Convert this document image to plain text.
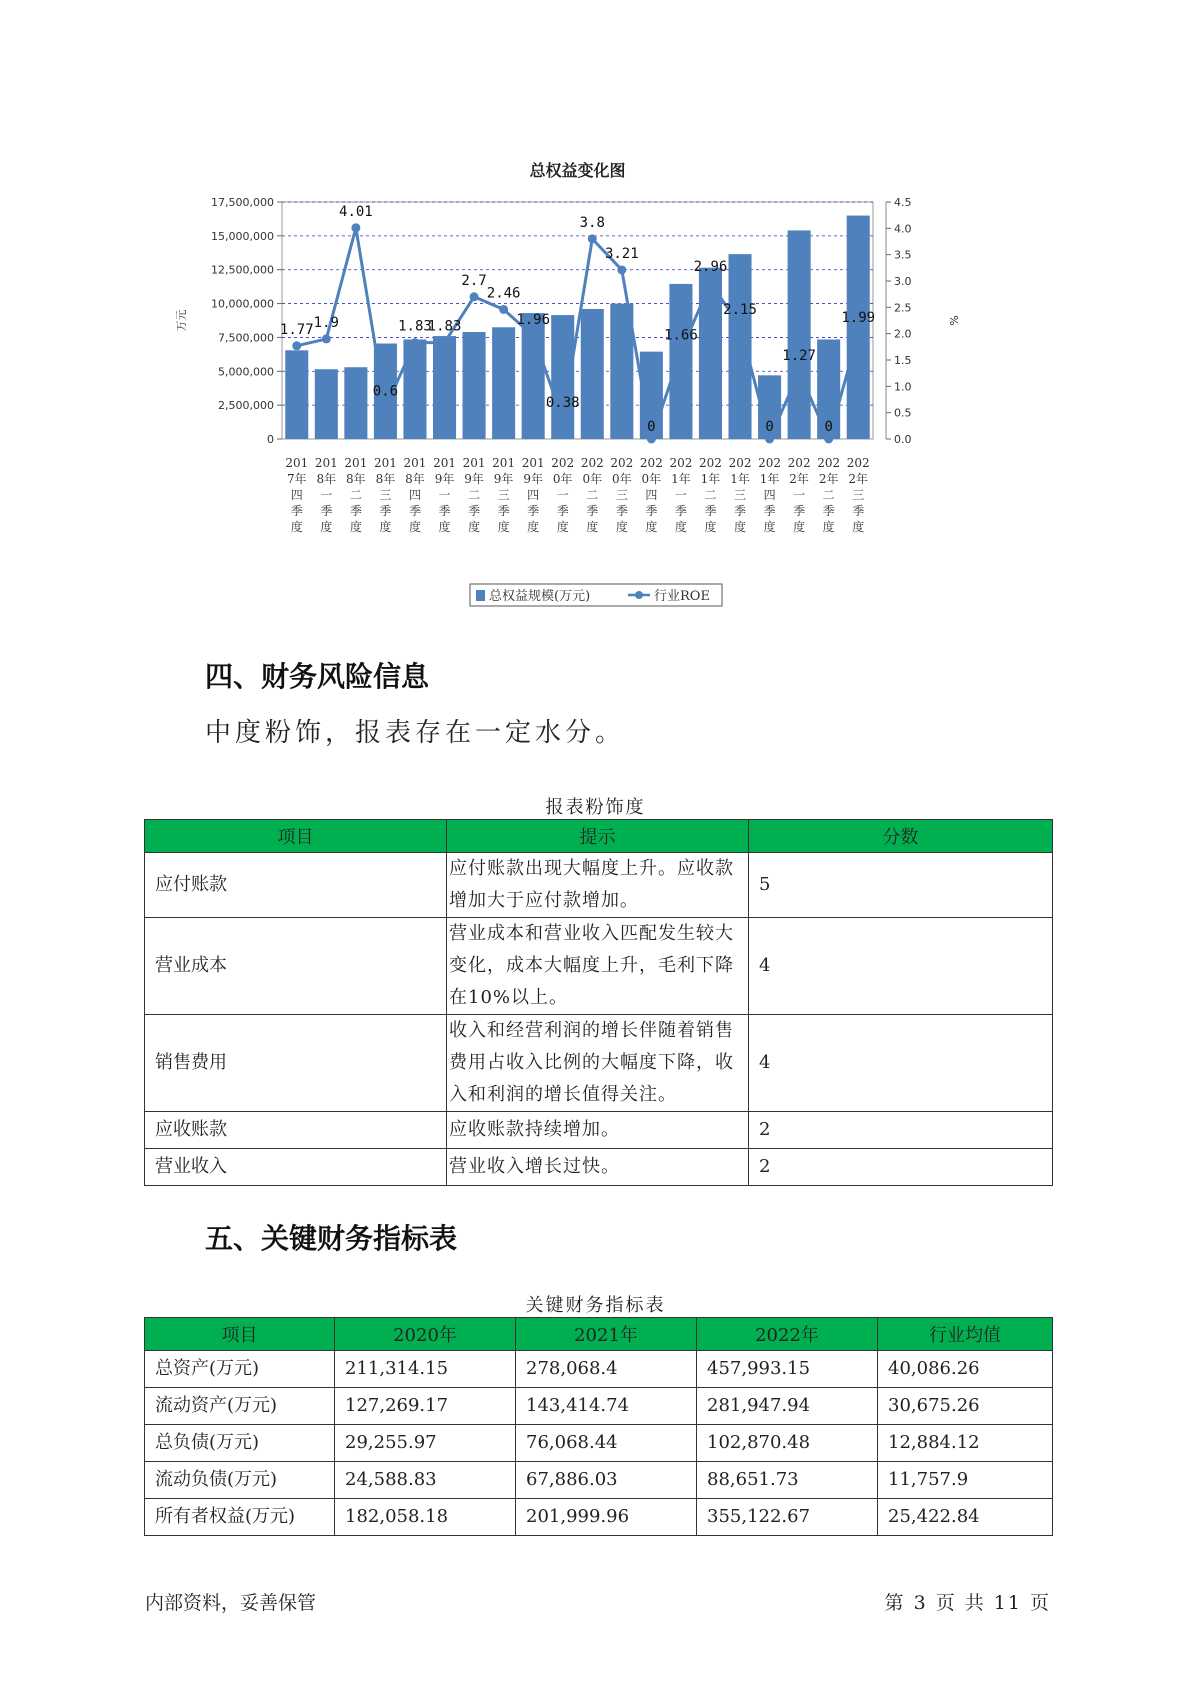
总权益变化图
0
2,500,000
5,000,000
7,500,000
10,000,000
12,500,000
15,000,000
17,500,000
0.0
0.5
1.0
1.5
2.0
2.5
3.0
3.5
4.0
4.5
万元	%
1.77 1.9
4.01
0.6
1.83
1.83
2.7
2.46
1.96
0.38
3.8
3.21
0
1.66
2.96
2.15
0
1.27
0
1.99
201
7年
四
季
度
201
8年
一
季
度
201
8年
二
季
度
201
8年
三
季
度
201
8年
四
季
度
201
9年
一
季
度
201
9年
二
季
度
201
9年
三
季
度
201
9年
四
季
度
202
0年
一
季
度
202
0年
二
季
度
202
0年
三
季
度
202
0年
四
季
度
202
1年
一
季
度
202
1年
二
季
度
202
1年
三
季
度
202
1年
四
季
度
202
2年
一
季
度
202
2年
二
季
度
202
2年
三
季
度
总权益规模(万元)	行业ROE
四、财务风险信息

中度粉饰，报表存在一定水分。

报表粉饰度
项目	提示	分数
应付账款	应付账款出现大幅度上升。应收款增加大于应付款增加。	5
营业成本	营业成本和营业收入匹配发生较大变化，成本大幅度上升，毛利下降在10%以上。	4
销售费用	收入和经营利润的增长伴随着销售费用占收入比例的大幅度下降，收入和利润的增长值得关注。	4
应收账款	应收账款持续增加。	2
营业收入	营业收入增长过快。	2
五、关键财务指标表
关键财务指标表
项目	2020年	2021年	2022年	行业均值
总资产(万元)	211,314.15	278,068.4	457,993.15	40,086.26
流动资产(万元)	127,269.17	143,414.74	281,947.94	30,675.26
总负债(万元)	29,255.97	76,068.44	102,870.48	12,884.12
流动负债(万元)	24,588.83	67,886.03	88,651.73	11,757.9
所有者权益(万元)	182,058.18	201,999.96	355,122.67	25,422.84
内部资料，妥善保管	第 3 页 共 11 页
